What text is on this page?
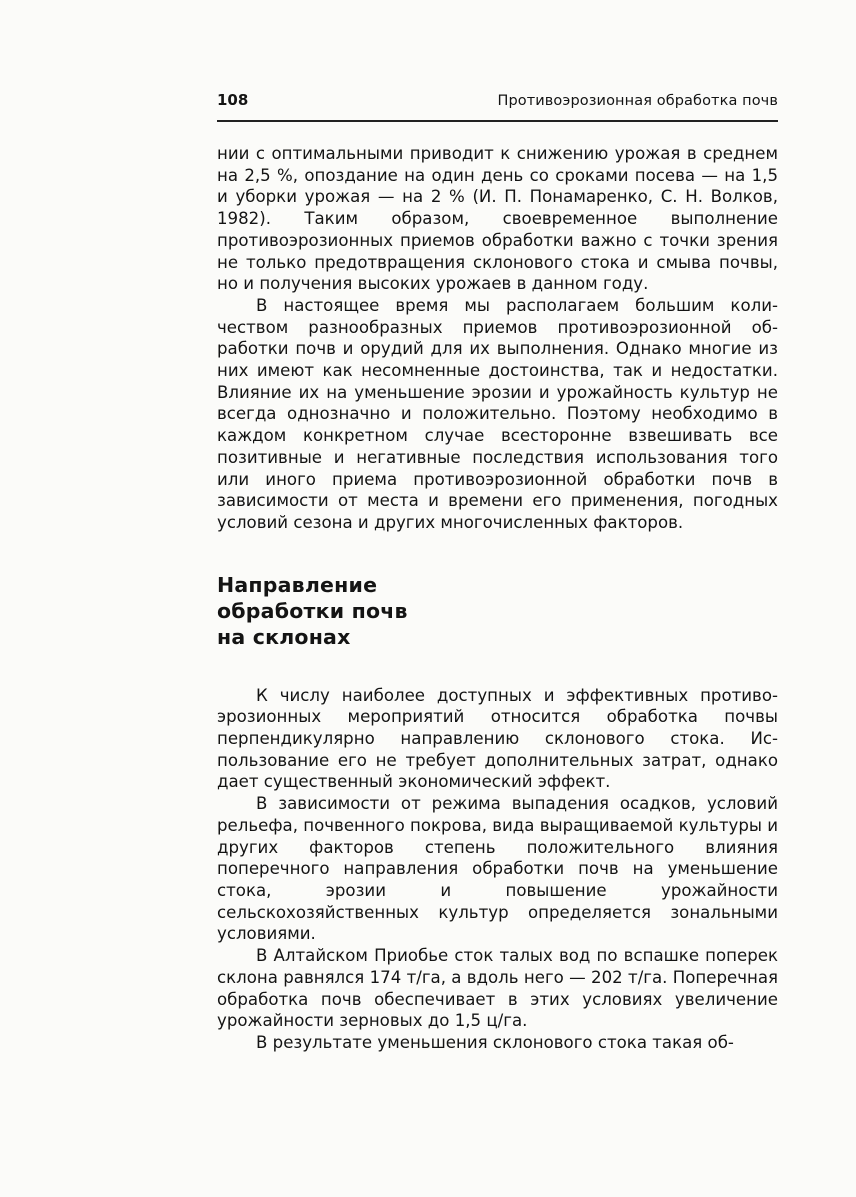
108	Противоэрозионная обработка почв

нии с оптимальными приводит к снижению урожая в среднем на 2,5 %, опоздание на один день со сроками посева — на 1,5 и уборки урожая — на 2 % (И. П. Понамаренко, С. Н. Волков, 1982). Таким образом, своевременное выполнение противоэрозионных приемов обработки важно с точки зрения не только предотвращения склонового стока и смыва почвы, но и получения высоких урожаев в данном году.

В настоящее время мы располагаем большим количеством разнообразных приемов противоэрозионной обработки почв и орудий для их выполнения. Однако многие из них имеют как несомненные достоинства, так и недостатки. Влияние их на уменьшение эрозии и урожайность культур не всегда однозначно и положительно. Поэтому необходимо в каждом конкретном случае всесторонне взвешивать все позитивные и негативные последствия использования того или иного приема противоэрозионной обработки почв в зависимости от места и времени его применения, погодных условий сезона и других многочисленных факторов.

Направление
обработки почв
на склонах

К числу наиболее доступных и эффективных противоэрозионных мероприятий относится обработка почвы перпендикулярно направлению склонового стока. Использование его не требует дополнительных затрат, однако дает существенный экономический эффект.

В зависимости от режима выпадения осадков, условий рельефа, почвенного покрова, вида выращиваемой культуры и других факторов степень положительного влияния поперечного направления обработки почв на уменьшение стока, эрозии и повышение урожайности сельскохозяйственных культур определяется зональными условиями.

В Алтайском Приобье сток талых вод по вспашке поперек склона равнялся 174 т/га, а вдоль него — 202 т/га. Поперечная обработка почв обеспечивает в этих условиях увеличение урожайности зерновых до 1,5 ц/га.

В результате уменьшения склонового стока такая об-
